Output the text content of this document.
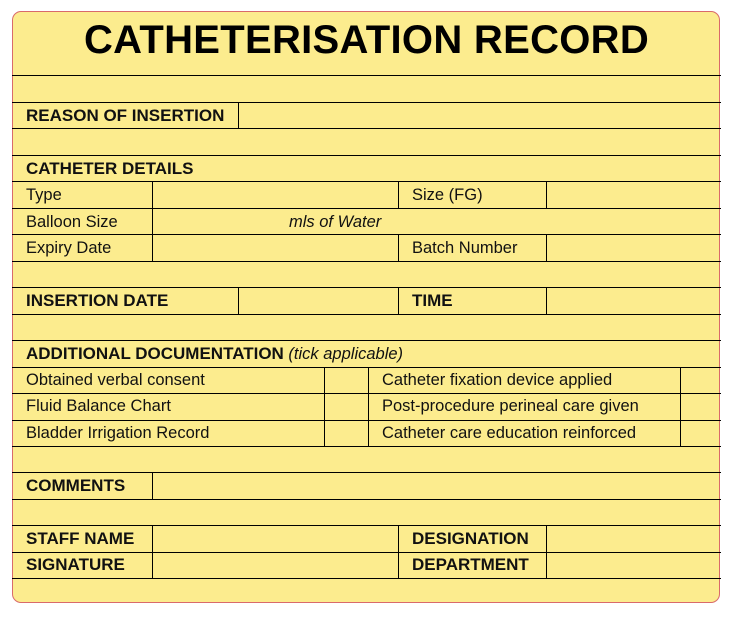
CATHETERISATION RECORD
REASON OF INSERTION
CATHETER DETAILS
Type	Size (FG)
Balloon Size	mls of Water
Expiry Date	Batch Number
INSERTION DATE	TIME
ADDITIONAL DOCUMENTATION (tick applicable)
Obtained verbal consent	Catheter fixation device applied
Fluid Balance Chart	Post-procedure perineal care given
Bladder Irrigation Record	Catheter care education reinforced
COMMENTS
STAFF NAME	DESIGNATION
SIGNATURE	DEPARTMENT
